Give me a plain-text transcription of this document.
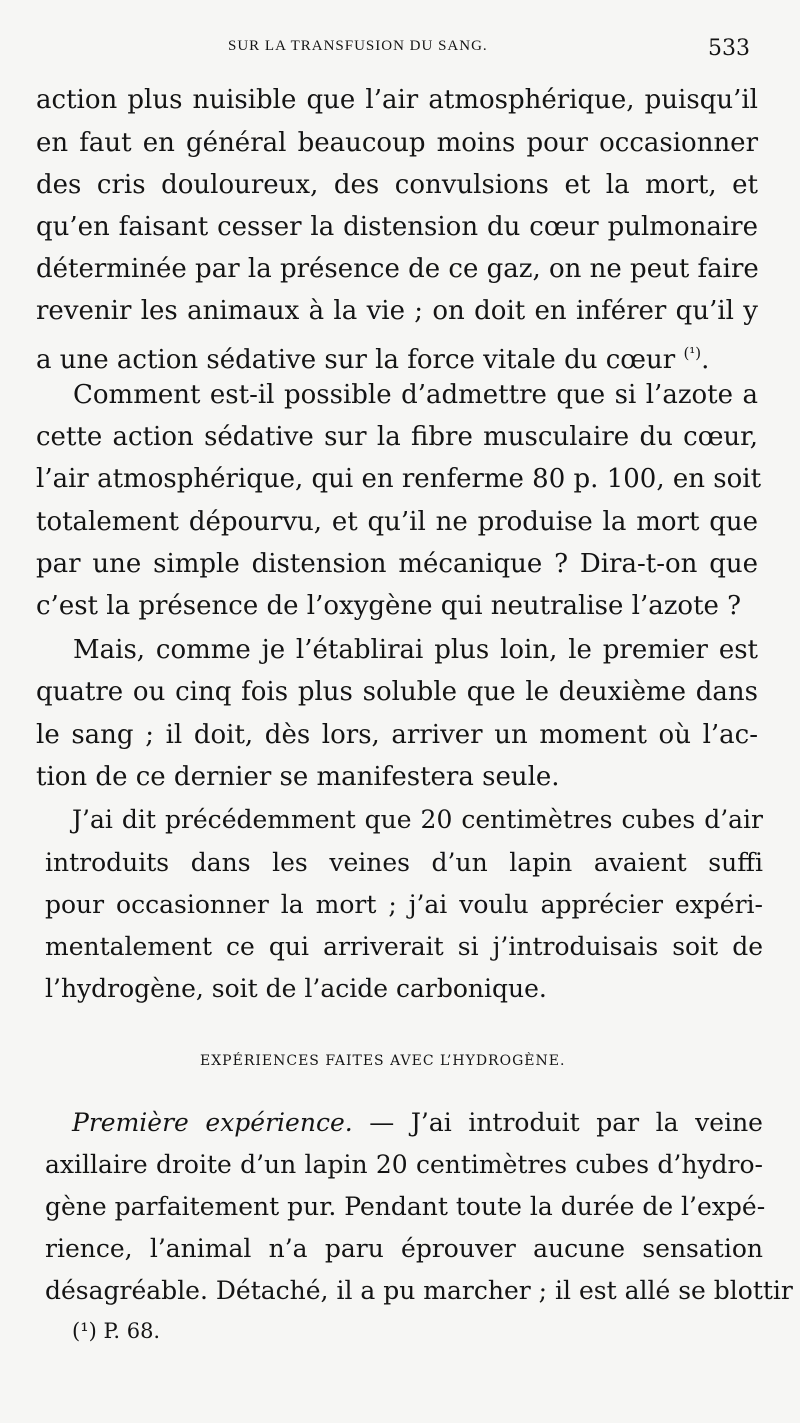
SUR LA TRANSFUSION DU SANG.	533
action plus nuisible que l’air atmosphérique, puisqu’il
en faut en général beaucoup moins pour occasionner
des cris douloureux, des convulsions et la mort, et
qu’en faisant cesser la distension du cœur pulmonaire
déterminée par la présence de ce gaz, on ne peut faire
revenir les animaux à la vie ; on doit en inférer qu’il y
a une action sédative sur la force vitale du cœur $^{(^1)}$.
Comment est-il possible d’admettre que si l’azote a
cette action sédative sur la fibre musculaire du cœur,
l’air atmosphérique, qui en renferme 80 p. 100, en soit
totalement dépourvu, et qu’il ne produise la mort que
par une simple distension mécanique ? Dira-t-on que
c’est la présence de l’oxygène qui neutralise l’azote ?
Mais, comme je l’établirai plus loin, le premier est
quatre ou cinq fois plus soluble que le deuxième dans
le sang ; il doit, dès lors, arriver un moment où l’ac-
tion de ce dernier se manifestera seule.
J’ai dit précédemment que 20 centimètres cubes d’air
introduits dans les veines d’un lapin avaient suffi
pour occasionner la mort ; j’ai voulu apprécier expéri-
mentalement ce qui arriverait si j’introduisais soit de
l’hydrogène, soit de l’acide carbonique.
EXPÉRIENCES FAITES AVEC L’HYDROGÈNE.
Première expérience. — J’ai introduit par la veine
axillaire droite d’un lapin 20 centimètres cubes d’hydro-
gène parfaitement pur. Pendant toute la durée de l’expé-
rience, l’animal n’a paru éprouver aucune sensation
désagréable. Détaché, il a pu marcher ; il est allé se blottir
(¹) P. 68.
